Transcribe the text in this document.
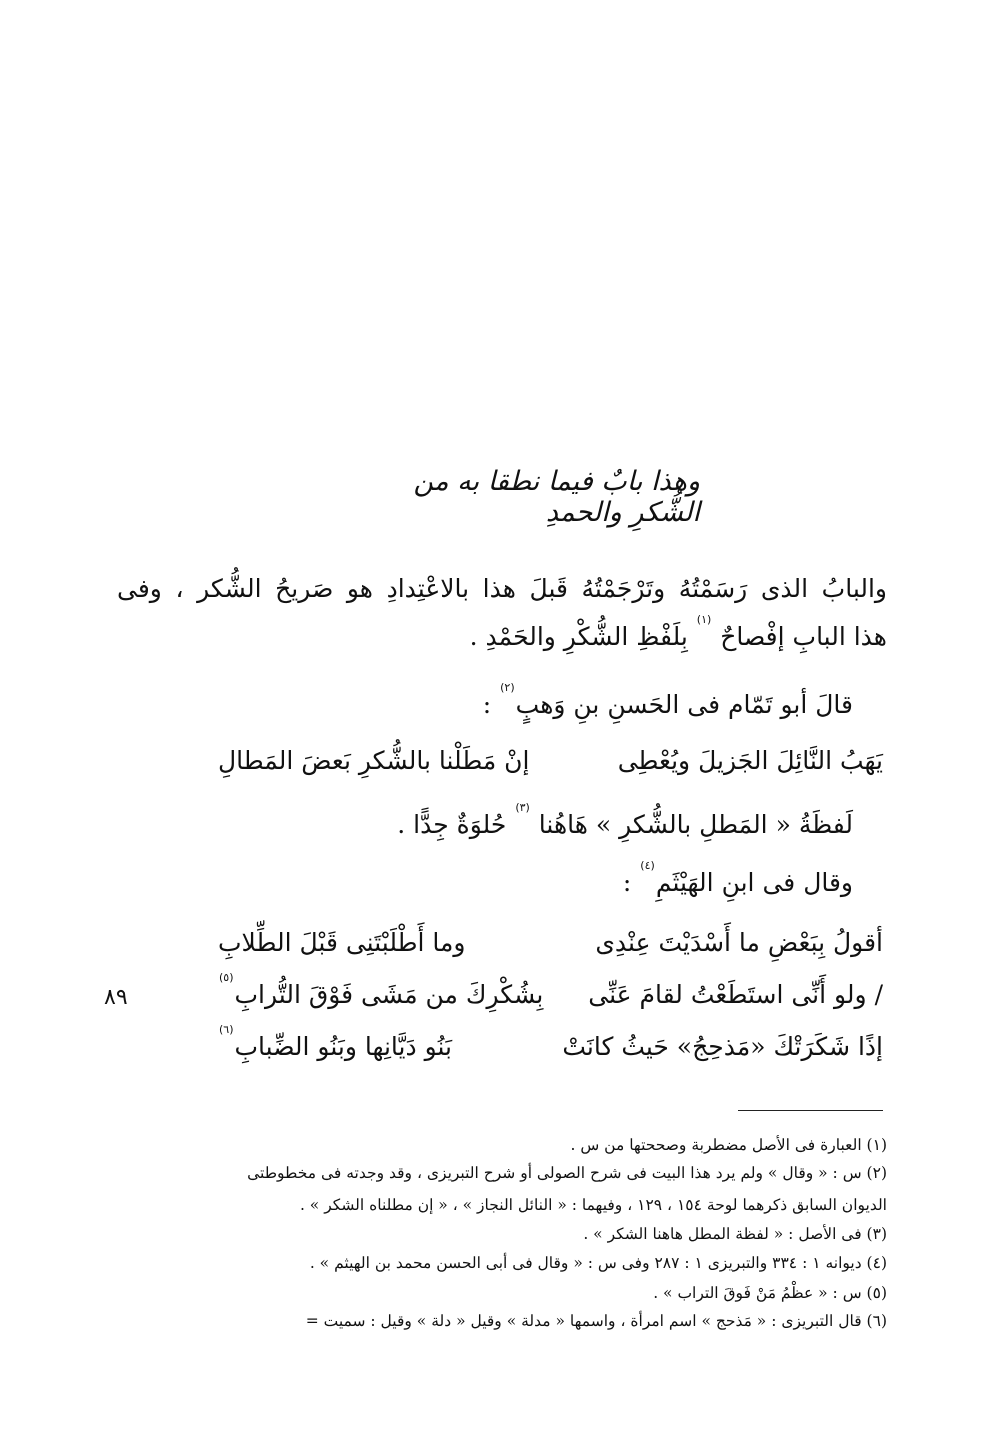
وهذا بابٌ فيما نطقا به من الشُّكرِ والحمدِ
والبابُ الذى رَسَمْتُهُ وتَرْجَمْتُهُ قَبلَ هذا بالاعْتِدادِ هو صَريحُ الشُّكر ، وفى
هذا البابِ إفْصاحٌ $^{(١)}$ بِلَفْظِ الشُّكْرِ والحَمْدِ .
قالَ أبو تَمّام فى الحَسنِ بنِ وَهبٍ$^{(٢)}$ :
يَهَبُ النَّائِلَ الجَزيلَ ويُعْطِى
إنْ مَطَلْنا بالشُّكرِ بَعضَ المَطالِ
لَفظَةُ « المَطلِ بالشُّكرِ » هَاهُنا $^{(٣)}$ حُلوَةٌ جِدًّا .
وقال فى ابنِ الهَيْثَمِ$^{(٤)}$ :
أقولُ بِبَعْضِ ما أَسْدَيْتَ عِنْدِى
وما أَطْلَبْتَنِى قَبْلَ الطِّلابِ
/ ولو أَنِّى استَطَعْتُ لقامَ عَنِّى
بِشُكْرِكَ من مَشَى فَوْقَ التُّرابِ$^{(٥)}$
إذًا شَكَرَتْكَ «مَذحِجُ» حَيثُ كانَتْ
بَنُو دَيَّانِها وبَنُو الضِّبابِ$^{(٦)}$
٨٩
(١) العبارة فى الأصل مضطربة وصححتها من س .
(٢) س : « وقال » ولم يرد هذا البيت فى شرح الصولى أو شرح التبريزى ، وقد وجدته فى مخطوطتى
الديوان السابق ذكرهما لوحة ١٥٤ ، ١٢٩ ، وفيهما : « النائل النجاز » ، « إن مطلناه الشكر » .
(٣) فى الأصل : « لفظة المطل هاهنا الشكر » .
(٤) ديوانه ١ : ٣٣٤ والتبريزى ١ : ٢٨٧ وفى س : « وقال فى أبى الحسن محمد بن الهيثم » .
(٥) س : « عظْمُ مَنْ فَوقَ التراب » .
(٦) قال التبريزى : « مَذحج » اسم امرأة ، واسمها « مدلة » وقيل « دلة » وقيل : سميت =
